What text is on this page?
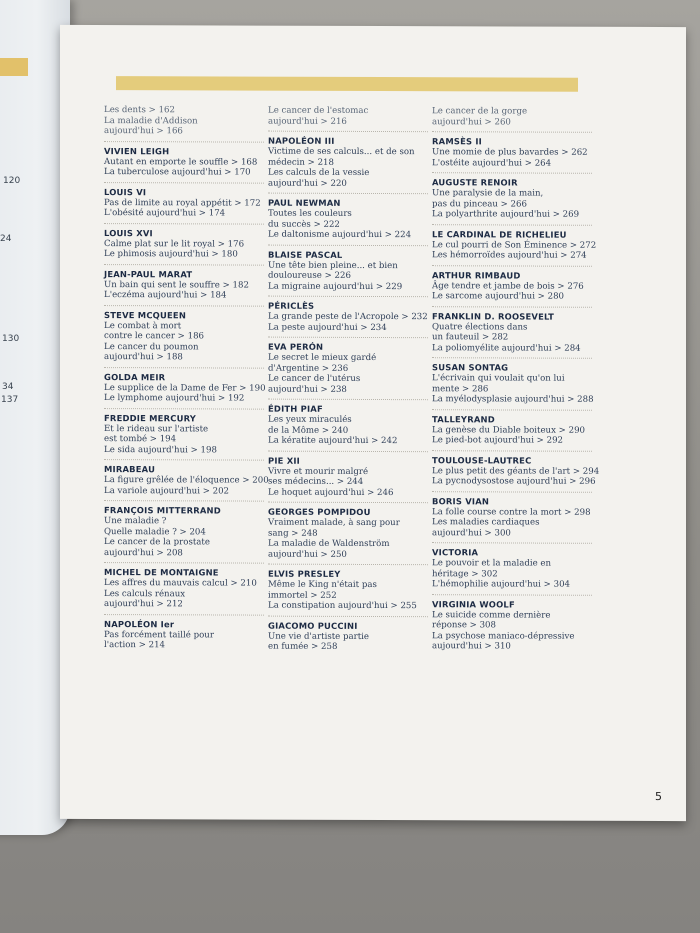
120
24
130
34
137
Les dents > 162
La maladie d'Addison
aujourd'hui > 166
VIVIEN LEIGH
Autant en emporte le souffle > 168
La tuberculose aujourd'hui > 170
LOUIS VI
Pas de limite au royal appétit > 172
L'obésité aujourd'hui > 174
LOUIS XVI
Calme plat sur le lit royal > 176
Le phimosis aujourd'hui > 180
JEAN-PAUL MARAT
Un bain qui sent le souffre > 182
L'eczéma aujourd'hui > 184
STEVE MCQUEEN
Le combat à mort
contre le cancer > 186
Le cancer du poumon
aujourd'hui > 188
GOLDA MEIR
Le supplice de la Dame de Fer > 190
Le lymphome aujourd'hui > 192
FREDDIE MERCURY
Et le rideau sur l'artiste
est tombé > 194
Le sida aujourd'hui > 198
MIRABEAU
La figure grêlée de l'éloquence > 200
La variole aujourd'hui > 202
FRANÇOIS MITTERRAND
Une maladie ?
Quelle maladie ? > 204
Le cancer de la prostate
aujourd'hui > 208
MICHEL DE MONTAIGNE
Les affres du mauvais calcul > 210
Les calculs rénaux
aujourd'hui > 212
NAPOLÉON Ier
Pas forcément taillé pour
l'action > 214
Le cancer de l'estomac
aujourd'hui > 216
NAPOLÉON III
Victime de ses calculs... et de son
médecin > 218
Les calculs de la vessie
aujourd'hui > 220
PAUL NEWMAN
Toutes les couleurs
du succès > 222
Le daltonisme aujourd'hui > 224
BLAISE PASCAL
Une tête bien pleine... et bien
douloureuse > 226
La migraine aujourd'hui > 229
PÉRICLÈS
La grande peste de l'Acropole > 232
La peste aujourd'hui > 234
EVA PERÓN
Le secret le mieux gardé
d'Argentine > 236
Le cancer de l'utérus
aujourd'hui > 238
ÉDITH PIAF
Les yeux miraculés
de la Môme > 240
La kératite aujourd'hui > 242
PIE XII
Vivre et mourir malgré
ses médecins... > 244
Le hoquet aujourd'hui > 246
GEORGES POMPIDOU
Vraiment malade, à sang pour
sang > 248
La maladie de Waldenström
aujourd'hui > 250
ELVIS PRESLEY
Même le King n'était pas
immortel > 252
La constipation aujourd'hui > 255
GIACOMO PUCCINI
Une vie d'artiste partie
en fumée > 258
Le cancer de la gorge
aujourd'hui > 260
RAMSÈS II
Une momie de plus bavardes > 262
L'ostéite aujourd'hui > 264
AUGUSTE RENOIR
Une paralysie de la main,
pas du pinceau > 266
La polyarthrite aujourd'hui > 269
LE CARDINAL DE RICHELIEU
Le cul pourri de Son Éminence > 272
Les hémorroïdes aujourd'hui > 274
ARTHUR RIMBAUD
Âge tendre et jambe de bois > 276
Le sarcome aujourd'hui > 280
FRANKLIN D. ROOSEVELT
Quatre élections dans
un fauteuil > 282
La poliomyélite aujourd'hui > 284
SUSAN SONTAG
L'écrivain qui voulait qu'on lui
mente > 286
La myélodysplasie aujourd'hui > 288
TALLEYRAND
La genèse du Diable boiteux > 290
Le pied-bot aujourd'hui > 292
TOULOUSE-LAUTREC
Le plus petit des géants de l'art > 294
La pycnodysostose aujourd'hui > 296
BORIS VIAN
La folle course contre la mort > 298
Les maladies cardiaques
aujourd'hui > 300
VICTORIA
Le pouvoir et la maladie en
héritage > 302
L'hémophilie aujourd'hui > 304
VIRGINIA WOOLF
Le suicide comme dernière
réponse > 308
La psychose maniaco-dépressive
aujourd'hui > 310
5
